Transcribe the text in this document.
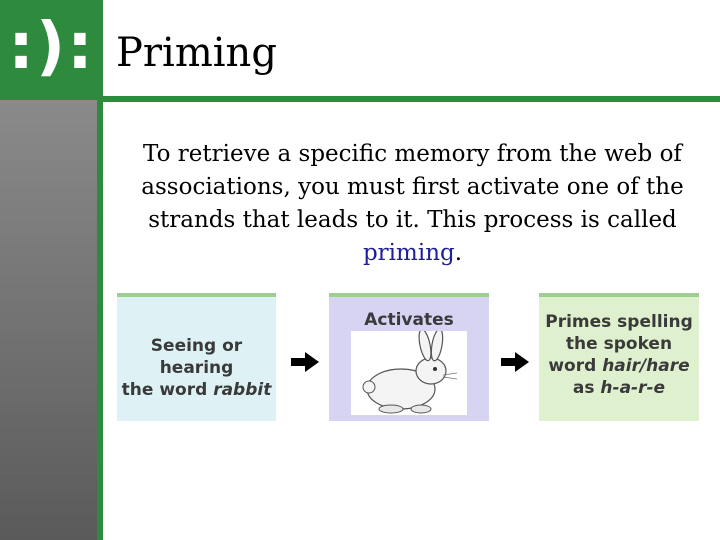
:): Priming
To retrieve a specific memory from the web of associations, you must first activate one of the strands that leads to it. This process is called priming.
Seeing or hearing
the word rabbit
Activates	Primes spelling
the spoken
word hair/hare
as h-a-r-e
